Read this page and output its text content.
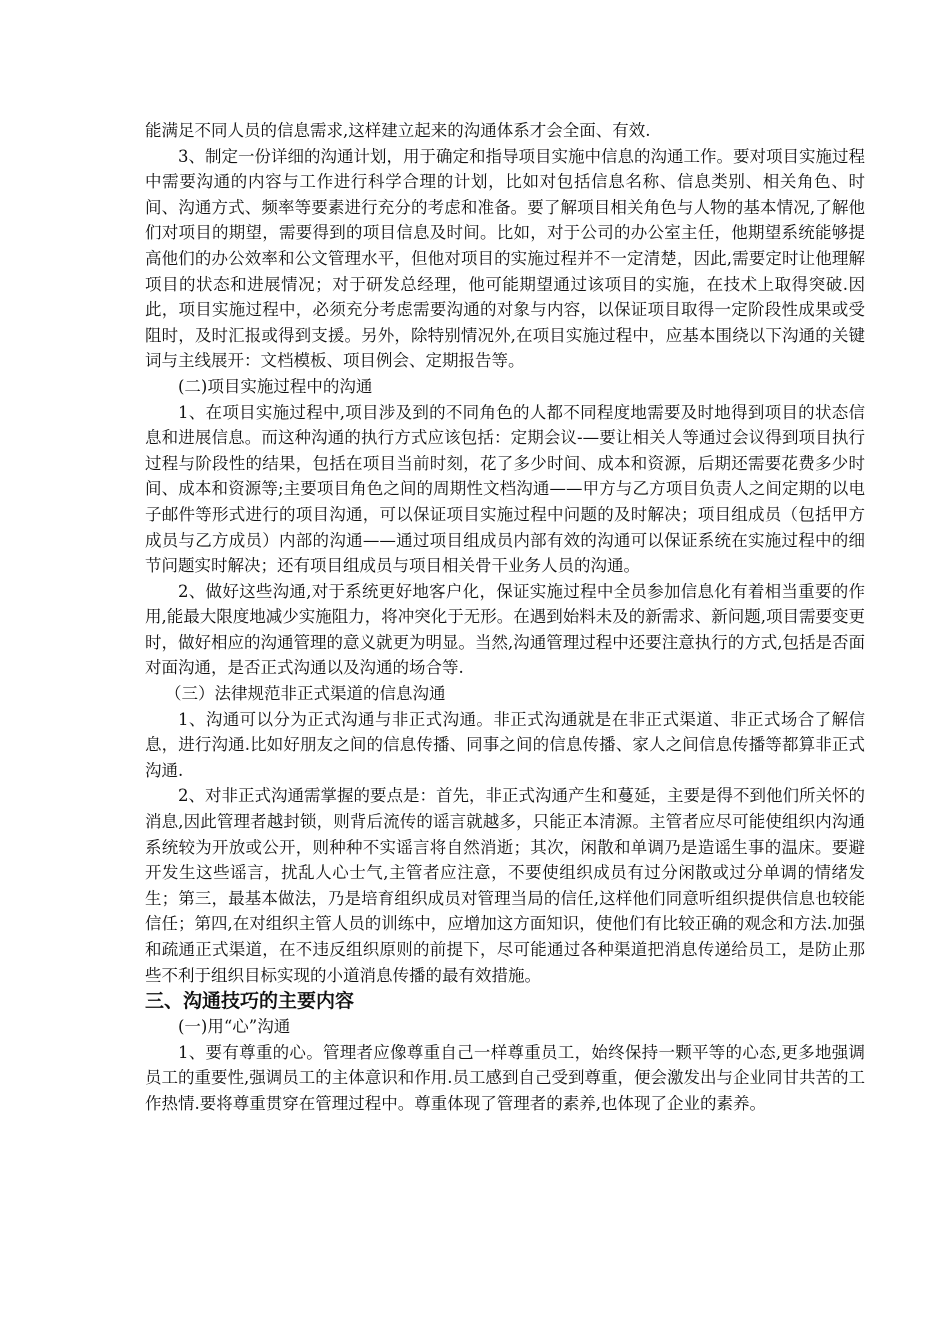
能满足不同人员的信息需求,这样建立起来的沟通体系才会全面、有效.

3、制定一份详细的沟通计划，用于确定和指导项目实施中信息的沟通工作。要对项目实施过程中需要沟通的内容与工作进行科学合理的计划，比如对包括信息名称、信息类别、相关角色、时间、沟通方式、频率等要素进行充分的考虑和准备。要了解项目相关角色与人物的基本情况,了解他们对项目的期望，需要得到的项目信息及时间。比如，对于公司的办公室主任，他期望系统能够提高他们的办公效率和公文管理水平，但他对项目的实施过程并不一定清楚，因此,需要定时让他理解项目的状态和进展情况；对于研发总经理，他可能期望通过该项目的实施，在技术上取得突破.因此，项目实施过程中，必须充分考虑需要沟通的对象与内容，以保证项目取得一定阶段性成果或受阻时，及时汇报或得到支援。另外，除特别情况外,在项目实施过程中，应基本围绕以下沟通的关键词与主线展开：文档模板、项目例会、定期报告等。

(二)项目实施过程中的沟通

1、在项目实施过程中,项目涉及到的不同角色的人都不同程度地需要及时地得到项目的状态信息和进展信息。而这种沟通的执行方式应该包括：定期会议-—要让相关人等通过会议得到项目执行过程与阶段性的结果，包括在项目当前时刻，花了多少时间、成本和资源，后期还需要花费多少时间、成本和资源等;主要项目角色之间的周期性文档沟通——甲方与乙方项目负责人之间定期的以电子邮件等形式进行的项目沟通，可以保证项目实施过程中问题的及时解决；项目组成员（包括甲方成员与乙方成员）内部的沟通——通过项目组成员内部有效的沟通可以保证系统在实施过程中的细节问题实时解决；还有项目组成员与项目相关骨干业务人员的沟通。

2、做好这些沟通,对于系统更好地客户化，保证实施过程中全员参加信息化有着相当重要的作用,能最大限度地减少实施阻力，将冲突化于无形。在遇到始料未及的新需求、新问题,项目需要变更时，做好相应的沟通管理的意义就更为明显。当然,沟通管理过程中还要注意执行的方式,包括是否面对面沟通，是否正式沟通以及沟通的场合等.

（三）法律规范非正式渠道的信息沟通

1、沟通可以分为正式沟通与非正式沟通。非正式沟通就是在非正式渠道、非正式场合了解信息，进行沟通.比如好朋友之间的信息传播、同事之间的信息传播、家人之间信息传播等都算非正式沟通.

2、对非正式沟通需掌握的要点是：首先，非正式沟通产生和蔓延，主要是得不到他们所关怀的消息,因此管理者越封锁，则背后流传的谣言就越多，只能正本清源。主管者应尽可能使组织内沟通系统较为开放或公开，则种种不实谣言将自然消逝；其次，闲散和单调乃是造谣生事的温床。要避开发生这些谣言，扰乱人心士气,主管者应注意，不要使组织成员有过分闲散或过分单调的情绪发生；第三，最基本做法，乃是培育组织成员对管理当局的信任,这样他们同意听组织提供信息也较能信任；第四,在对组织主管人员的训练中，应增加这方面知识，使他们有比较正确的观念和方法.加强和疏通正式渠道，在不违反组织原则的前提下，尽可能通过各种渠道把消息传递给员工，是防止那些不利于组织目标实现的小道消息传播的最有效措施。

三、沟通技巧的主要内容

(一)用“心”沟通

1、要有尊重的心。管理者应像尊重自己一样尊重员工，始终保持一颗平等的心态,更多地强调员工的重要性,强调员工的主体意识和作用.员工感到自己受到尊重，便会激发出与企业同甘共苦的工作热情.要将尊重贯穿在管理过程中。尊重体现了管理者的素养,也体现了企业的素养。
